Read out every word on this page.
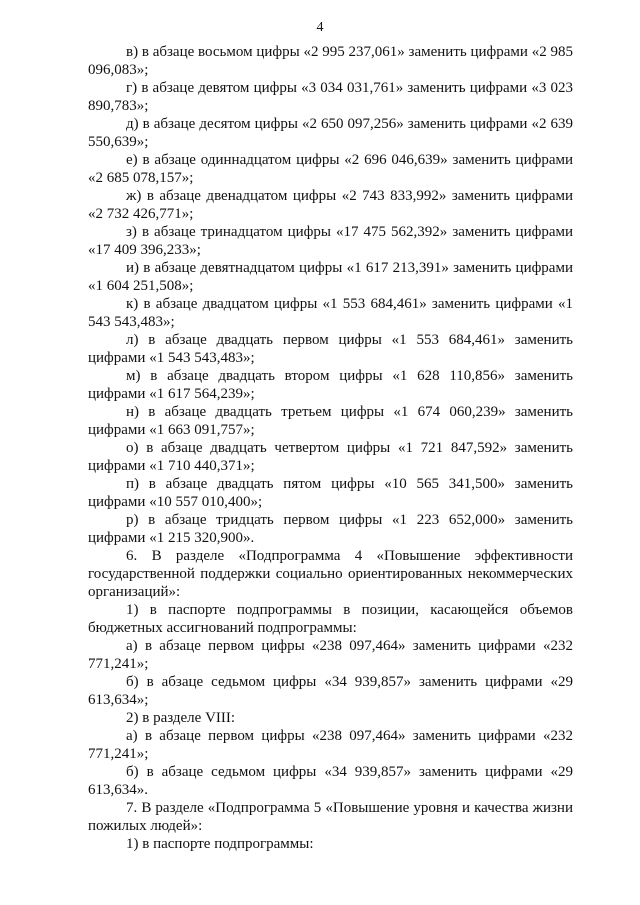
4

в) в абзаце восьмом цифры «2 995 237,061» заменить цифрами «2 985 096,083»;

г) в абзаце девятом цифры «3 034 031,761» заменить цифрами «3 023 890,783»;

д) в абзаце десятом цифры «2 650 097,256» заменить цифрами «2 639 550,639»;

е) в абзаце одиннадцатом цифры «2 696 046,639» заменить цифрами «2 685 078,157»;

ж) в абзаце двенадцатом цифры «2 743 833,992» заменить цифрами «2 732 426,771»;

з) в абзаце тринадцатом цифры «17 475 562,392» заменить цифрами «17 409 396,233»;

и) в абзаце девятнадцатом цифры «1 617 213,391» заменить цифрами «1 604 251,508»;

к) в абзаце двадцатом цифры «1 553 684,461» заменить цифрами «1 543 543,483»;

л) в абзаце двадцать первом цифры «1 553 684,461» заменить цифрами «1 543 543,483»;

м) в абзаце двадцать втором цифры «1 628 110,856» заменить цифрами «1 617 564,239»;

н) в абзаце двадцать третьем цифры «1 674 060,239» заменить цифрами «1 663 091,757»;

о) в абзаце двадцать четвертом цифры «1 721 847,592» заменить цифрами «1 710 440,371»;

п) в абзаце двадцать пятом цифры «10 565 341,500» заменить цифрами «10 557 010,400»;

р) в абзаце тридцать первом цифры «1 223 652,000» заменить цифрами «1 215 320,900».

6. В разделе «Подпрограмма 4 «Повышение эффективности государственной поддержки социально ориентированных некоммерческих организаций»:

1) в паспорте подпрограммы в позиции, касающейся объемов бюджетных ассигнований подпрограммы:

а) в абзаце первом цифры «238 097,464» заменить цифрами «232 771,241»;

б) в абзаце седьмом цифры «34 939,857» заменить цифрами «29 613,634»;

2) в разделе VIII:

а) в абзаце первом цифры «238 097,464» заменить цифрами «232 771,241»;

б) в абзаце седьмом цифры «34 939,857» заменить цифрами «29 613,634».

7. В разделе «Подпрограмма 5 «Повышение уровня и качества жизни пожилых людей»:

1) в паспорте подпрограммы:
